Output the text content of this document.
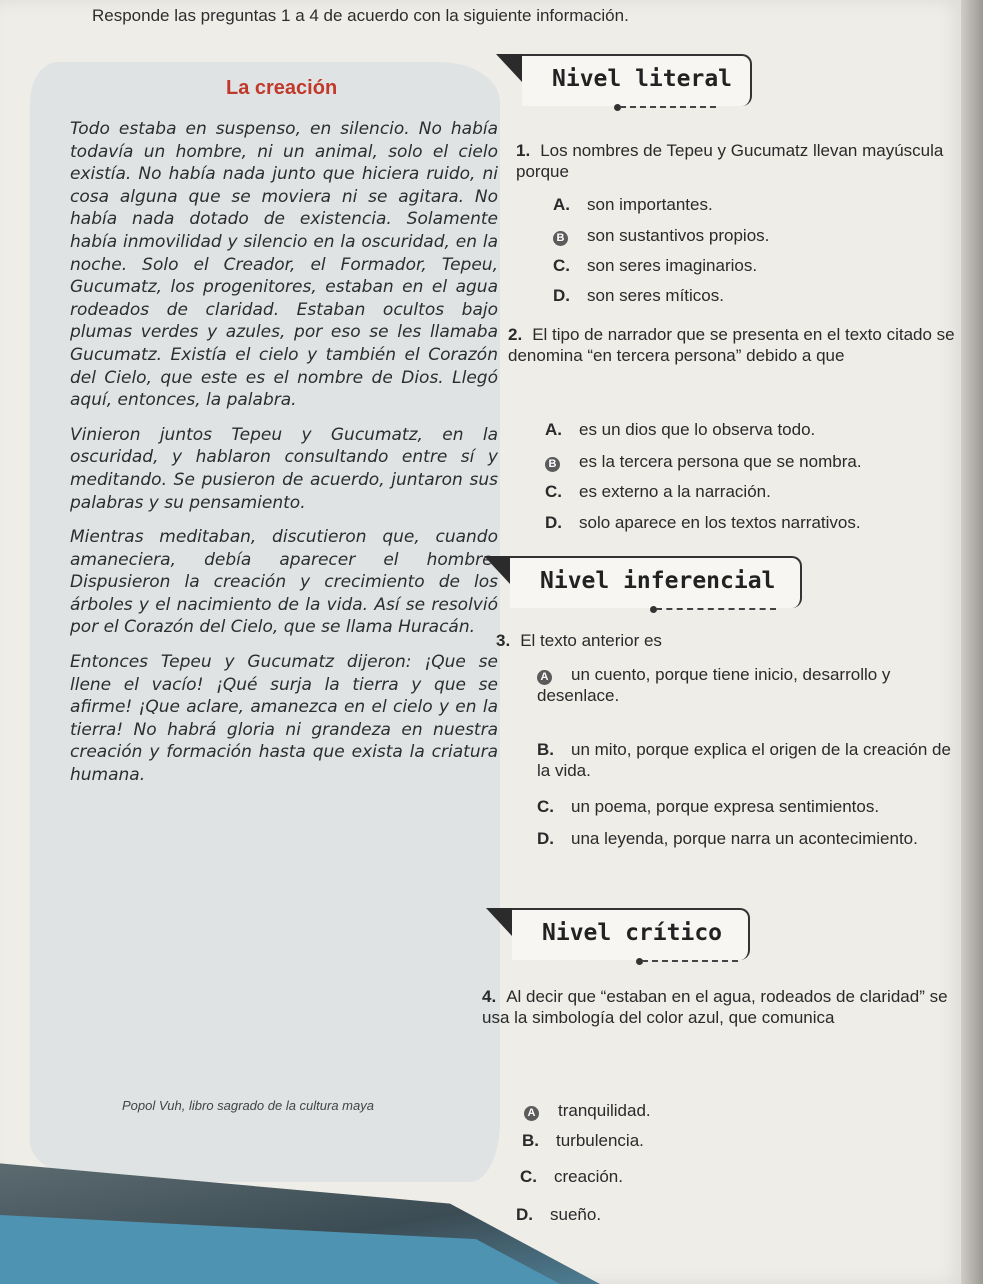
Responde las preguntas 1 a 4 de acuerdo con la siguiente información.
La creación

Todo estaba en suspenso, en silencio. No había todavía un hombre, ni un animal, solo el cielo existía. No había nada junto que hiciera ruido, ni cosa alguna que se moviera ni se agitara. No había nada dotado de existencia. Solamente había inmovilidad y silencio en la oscuridad, en la noche. Solo el Creador, el Formador, Tepeu, Gucumatz, los progenitores, estaban en el agua rodeados de claridad. Estaban ocultos bajo plumas verdes y azules, por eso se les llamaba Gucumatz. Existía el cielo y también el Corazón del Cielo, que este es el nombre de Dios. Llegó aquí, entonces, la palabra.

Vinieron juntos Tepeu y Gucumatz, en la oscuridad, y hablaron consultando entre sí y meditando. Se pusieron de acuerdo, juntaron sus palabras y su pensamiento.

Mientras meditaban, discutieron que, cuando amaneciera, debía aparecer el hombre. Dispusieron la creación y crecimiento de los árboles y el nacimiento de la vida. Así se resolvió por el Corazón del Cielo, que se llama Huracán.

Entonces Tepeu y Gucumatz dijeron: ¡Que se llene el vacío! ¡Qué surja la tierra y que se afirme! ¡Que aclare, amanezca en el cielo y en la tierra! No habrá gloria ni grandeza en nuestra creación y formación hasta que exista la criatura humana.

Popol Vuh, libro sagrado de la cultura maya
Nivel literal
1. Los nombres de Tepeu y Gucumatz llevan mayúscula porque
A. son importantes.
B son sustantivos propios.
C. son seres imaginarios.
D. son seres míticos.
2. El tipo de narrador que se presenta en el texto citado se denomina “en tercera persona” debido a que
A. es un dios que lo observa todo.
B es la tercera persona que se nombra.
C. es externo a la narración.
D. solo aparece en los textos narrativos.
Nivel inferencial
3. El texto anterior es
A un cuento, porque tiene inicio, desarrollo y desenlace.
B. un mito, porque explica el origen de la creación de la vida.
C. un poema, porque expresa sentimientos.
D. una leyenda, porque narra un acontecimiento.
Nivel crítico
4. Al decir que “estaban en el agua, rodeados de claridad” se usa la simbología del color azul, que comunica
A tranquilidad.
B. turbulencia.
C. creación.
D. sueño.
